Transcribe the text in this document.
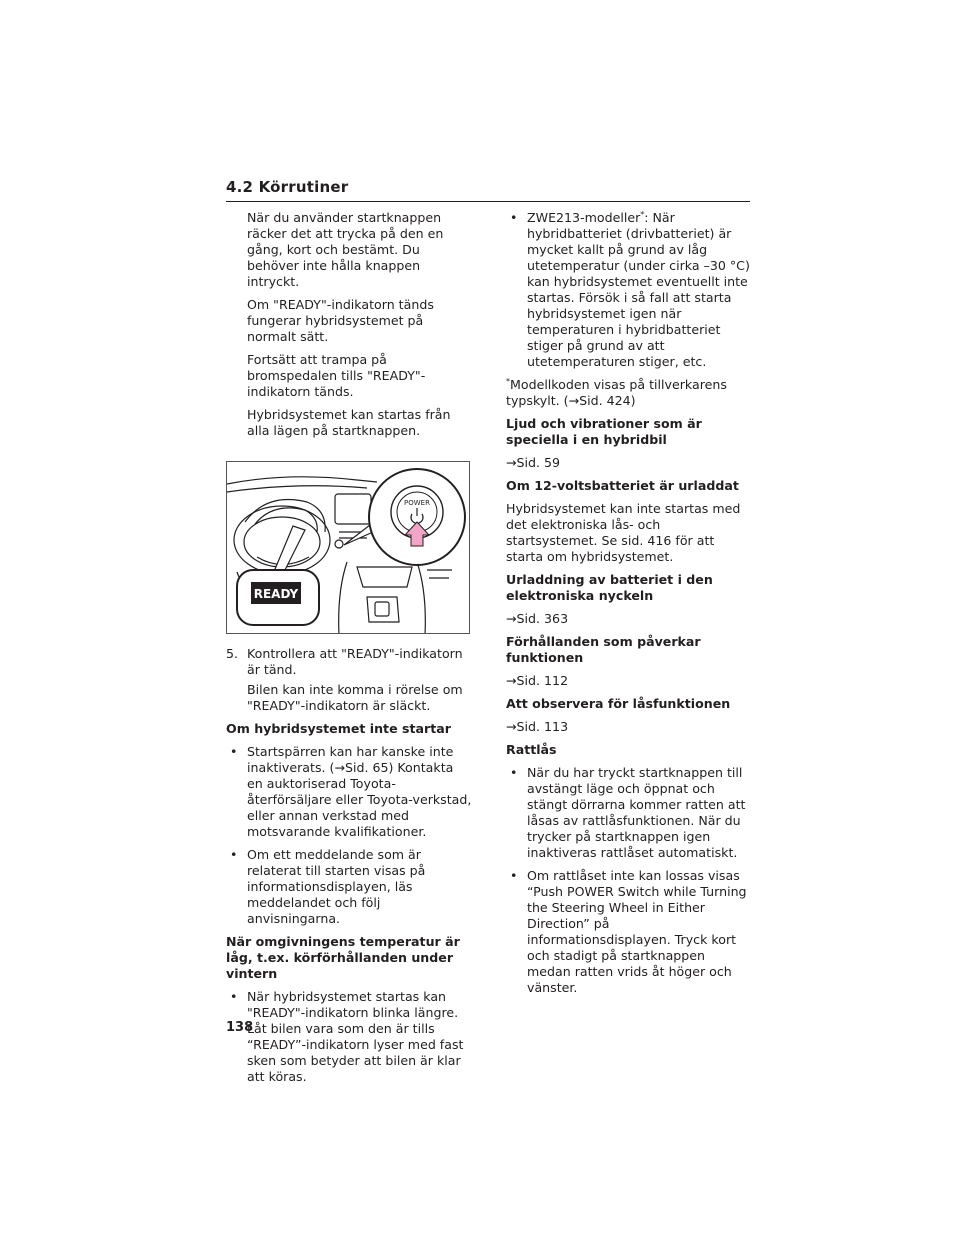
4.2 Körrutiner
När du använder startknappen räcker det att trycka på den en gång, kort och bestämt. Du behöver inte hålla knappen intryckt.
Om "READY"-indikatorn tänds fungerar hybridsystemet på normalt sätt.
Fortsätt att trampa på bromspedalen tills "READY"-indikatorn tänds.
Hybridsystemet kan startas från alla lägen på startknappen.
POWER
READY
5. Kontrollera att "READY"-indikatorn är tänd.
Bilen kan inte komma i rörelse om "READY"-indikatorn är släckt.
Om hybridsystemet inte startar
• Startspärren kan har kanske inte inaktiverats. (→Sid. 65) Kontakta en auktoriserad Toyota-återförsäljare eller Toyota-verkstad, eller annan verkstad med motsvarande kvalifikationer.
• Om ett meddelande som är relaterat till starten visas på informationsdisplayen, läs meddelandet och följ anvisningarna.
När omgivningens temperatur är låg, t.ex. körförhållanden under vintern
• När hybridsystemet startas kan "READY"-indikatorn blinka längre. Låt bilen vara som den är tills “READY”-indikatorn lyser med fast sken som betyder att bilen är klar att köras.
• ZWE213-modeller*: När hybridbatteriet (drivbatteriet) är mycket kallt på grund av låg utetemperatur (under cirka –30 °C) kan hybridsystemet eventuellt inte startas. Försök i så fall att starta hybridsystemet igen när temperaturen i hybridbatteriet stiger på grund av att utetemperaturen stiger, etc.
*Modellkoden visas på tillverkarens typskylt. (→Sid. 424)
Ljud och vibrationer som är speciella i en hybridbil
→Sid. 59
Om 12-voltsbatteriet är urladdat
Hybridsystemet kan inte startas med det elektroniska lås- och startsystemet. Se sid. 416 för att starta om hybridsystemet.
Urladdning av batteriet i den elektroniska nyckeln
→Sid. 363
Förhållanden som påverkar funktionen
→Sid. 112
Att observera för låsfunktionen
→Sid. 113
Rattlås
• När du har tryckt startknappen till avstängt läge och öppnat och stängt dörrarna kommer ratten att låsas av rattlåsfunktionen. När du trycker på startknappen igen inaktiveras rattlåset automatiskt.
• Om rattlåset inte kan lossas visas “Push POWER Switch while Turning the Steering Wheel in Either Direction” på informationsdisplayen. Tryck kort och stadigt på startknappen medan ratten vrids åt höger och vänster.
138
